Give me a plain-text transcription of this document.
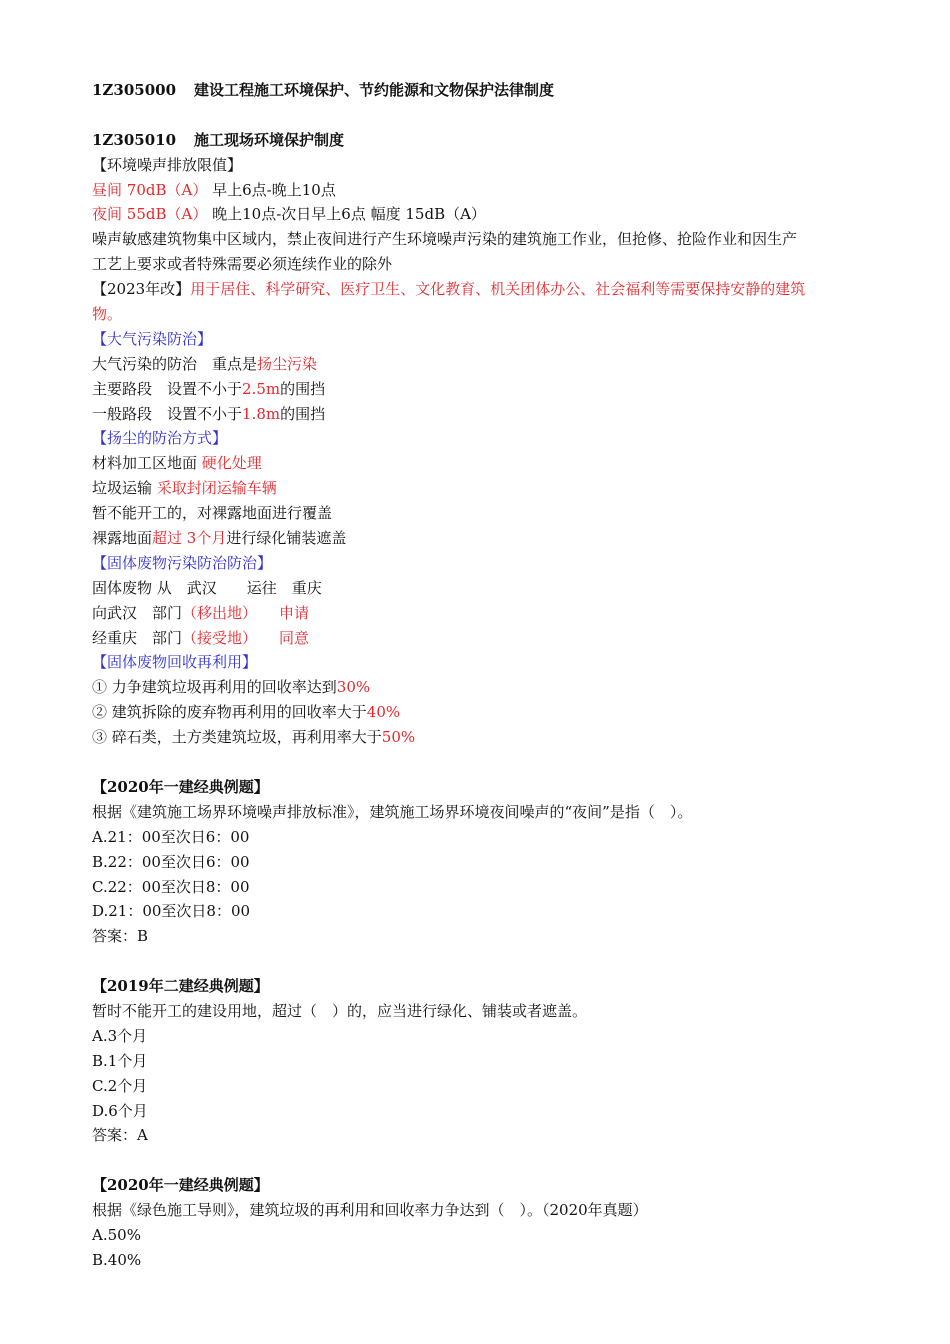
1Z305000 建设工程施工环境保护、节约能源和文物保护法律制度
1Z305010 施工现场环境保护制度
【环境噪声排放限值】
昼间 70dB（A） 早上6点-晚上10点
夜间 55dB（A） 晚上10点-次日早上6点 幅度 15dB（A）
噪声敏感建筑物集中区域内，禁止夜间进行产生环境噪声污染的建筑施工作业，但抢修、抢险作业和因生产
工艺上要求或者特殊需要必须连续作业的除外
【2023年改】用于居住、科学研究、医疗卫生、文化教育、机关团体办公、社会福利等需要保持安静的建筑
物。
【大气污染防治】
大气污染的防治　重点是扬尘污染
主要路段　设置不小于2.5m的围挡
一般路段　设置不小于1.8m的围挡
【扬尘的防治方式】
材料加工区地面 硬化处理
垃圾运输 采取封闭运输车辆
暂不能开工的，对裸露地面进行覆盖
裸露地面超过 3个月进行绿化铺装遮盖
【固体废物污染防治防治】
固体废物 从　武汉　　运往　重庆
向武汉　部门（移出地） 申请
经重庆　部门（接受地） 同意
【固体废物回收再利用】
① 力争建筑垃圾再利用的回收率达到30%
② 建筑拆除的废弃物再利用的回收率大于40%
③ 碎石类，土方类建筑垃圾，再利用率大于50%
【2020年一建经典例题】
根据《建筑施工场界环境噪声排放标准》，建筑施工场界环境夜间噪声的“夜间”是指（　）。
A.21：00至次日6：00
B.22：00至次日6：00
C.22：00至次日8：00
D.21：00至次日8：00
答案：B
【2019年二建经典例题】
暂时不能开工的建设用地，超过（　）的，应当进行绿化、铺装或者遮盖。
A.3个月
B.1个月
C.2个月
D.6个月
答案：A
【2020年一建经典例题】
根据《绿色施工导则》，建筑垃圾的再利用和回收率力争达到（　）。（2020年真题）
A.50%
B.40%
